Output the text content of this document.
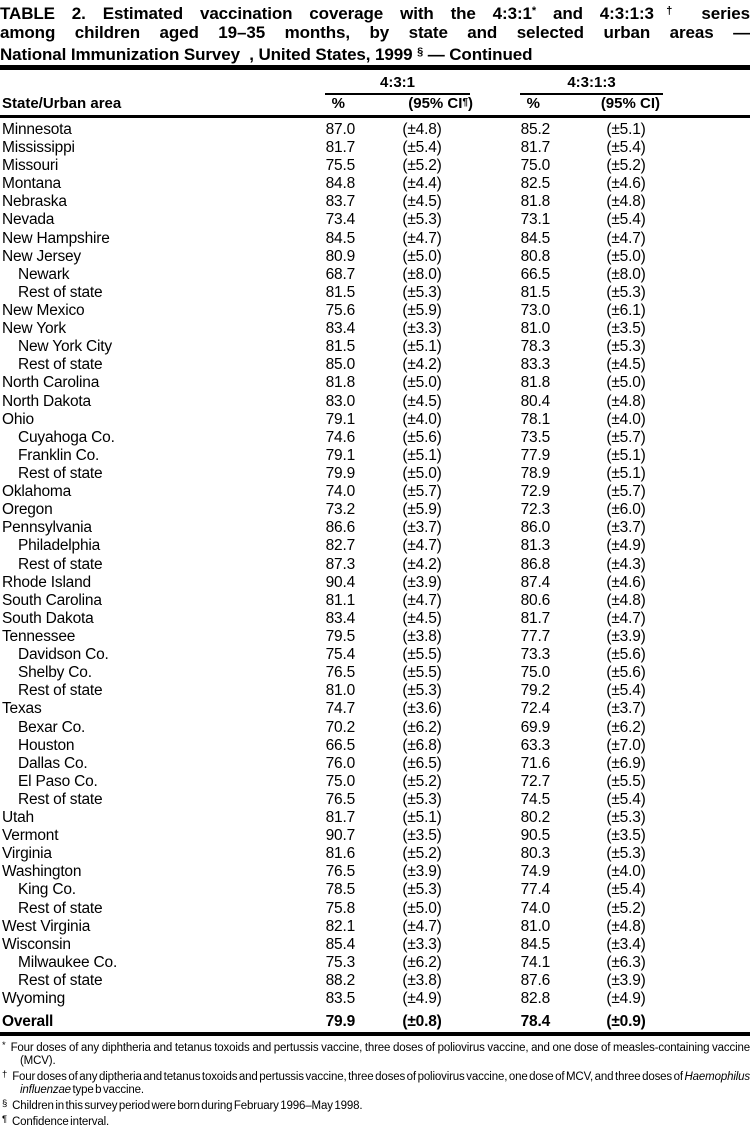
TABLE 2. Estimated vaccination coverage with the 4:3:1* and 4:3:1:3† series
among children aged 19–35 months, by state and selected urban areas —
National Immunization Survey  , United States, 1999 § — Continued
4:3:1	4:3:1:3
State/Urban area	%	(95% CI¶)	%	(95% CI)
Minnesota	87.0	(±4.8)	85.2	(±5.1)
Mississippi	81.7	(±5.4)	81.7	(±5.4)
Missouri	75.5	(±5.2)	75.0	(±5.2)
Montana	84.8	(±4.4)	82.5	(±4.6)
Nebraska	83.7	(±4.5)	81.8	(±4.8)
Nevada	73.4	(±5.3)	73.1	(±5.4)
New Hampshire	84.5	(±4.7)	84.5	(±4.7)
New Jersey	80.9	(±5.0)	80.8	(±5.0)
Newark	68.7	(±8.0)	66.5	(±8.0)
Rest of state	81.5	(±5.3)	81.5	(±5.3)
New Mexico	75.6	(±5.9)	73.0	(±6.1)
New York	83.4	(±3.3)	81.0	(±3.5)
New York City	81.5	(±5.1)	78.3	(±5.3)
Rest of state	85.0	(±4.2)	83.3	(±4.5)
North Carolina	81.8	(±5.0)	81.8	(±5.0)
North Dakota	83.0	(±4.5)	80.4	(±4.8)
Ohio	79.1	(±4.0)	78.1	(±4.0)
Cuyahoga Co.	74.6	(±5.6)	73.5	(±5.7)
Franklin Co.	79.1	(±5.1)	77.9	(±5.1)
Rest of state	79.9	(±5.0)	78.9	(±5.1)
Oklahoma	74.0	(±5.7)	72.9	(±5.7)
Oregon	73.2	(±5.9)	72.3	(±6.0)
Pennsylvania	86.6	(±3.7)	86.0	(±3.7)
Philadelphia	82.7	(±4.7)	81.3	(±4.9)
Rest of state	87.3	(±4.2)	86.8	(±4.3)
Rhode Island	90.4	(±3.9)	87.4	(±4.6)
South Carolina	81.1	(±4.7)	80.6	(±4.8)
South Dakota	83.4	(±4.5)	81.7	(±4.7)
Tennessee	79.5	(±3.8)	77.7	(±3.9)
Davidson Co.	75.4	(±5.5)	73.3	(±5.6)
Shelby Co.	76.5	(±5.5)	75.0	(±5.6)
Rest of state	81.0	(±5.3)	79.2	(±5.4)
Texas	74.7	(±3.6)	72.4	(±3.7)
Bexar Co.	70.2	(±6.2)	69.9	(±6.2)
Houston	66.5	(±6.8)	63.3	(±7.0)
Dallas Co.	76.0	(±6.5)	71.6	(±6.9)
El Paso Co.	75.0	(±5.2)	72.7	(±5.5)
Rest of state	76.5	(±5.3)	74.5	(±5.4)
Utah	81.7	(±5.1)	80.2	(±5.3)
Vermont	90.7	(±3.5)	90.5	(±3.5)
Virginia	81.6	(±5.2)	80.3	(±5.3)
Washington	76.5	(±3.9)	74.9	(±4.0)
King Co.	78.5	(±5.3)	77.4	(±5.4)
Rest of state	75.8	(±5.0)	74.0	(±5.2)
West Virginia	82.1	(±4.7)	81.0	(±4.8)
Wisconsin	85.4	(±3.3)	84.5	(±3.4)
Milwaukee Co.	75.3	(±6.2)	74.1	(±6.3)
Rest of state	88.2	(±3.8)	87.6	(±3.9)
Wyoming	83.5	(±4.9)	82.8	(±4.9)
Overall	79.9	(±0.8)	78.4	(±0.9)
* Four doses of any diphtheria and tetanus toxoids and pertussis vaccine, three doses of poliovirus vaccine, and one dose of measles-containing vaccine (MCV).
† Four doses of any diptheria and tetanus toxoids and pertussis vaccine, three doses of poliovirus vaccine, one dose of MCV, and three doses of Haemophilus influenzae type b vaccine.
§ Children in this survey period were born during February 1996–May 1998.
¶ Confidence interval.
